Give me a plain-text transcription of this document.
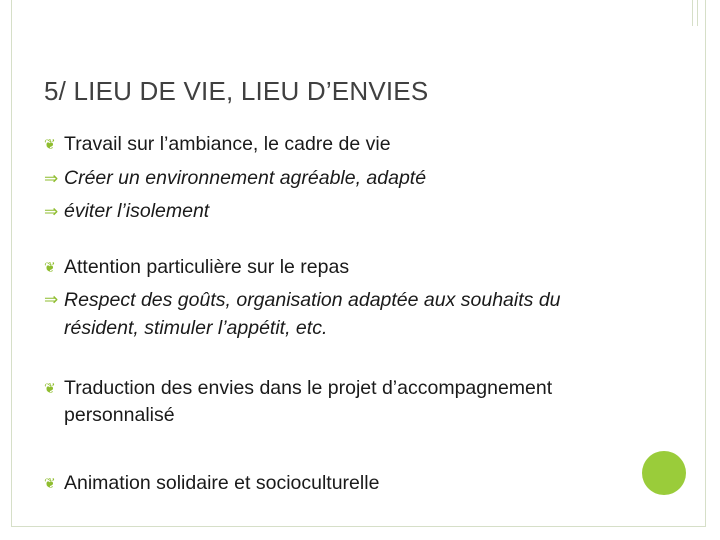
5/ LIEU DE VIE, LIEU D’ENVIES
❦ Travail sur l’ambiance, le cadre de vie
⇒ Créer un environnement agréable, adapté
⇒ éviter l’isolement
❦ Attention particulière sur le repas
⇒ Respect des goûts, organisation adaptée aux souhaits du
résident, stimuler l’appétit, etc.
❦ Traduction des envies dans le projet d’accompagnement
personnalisé
❦ Animation solidaire et socioculturelle
